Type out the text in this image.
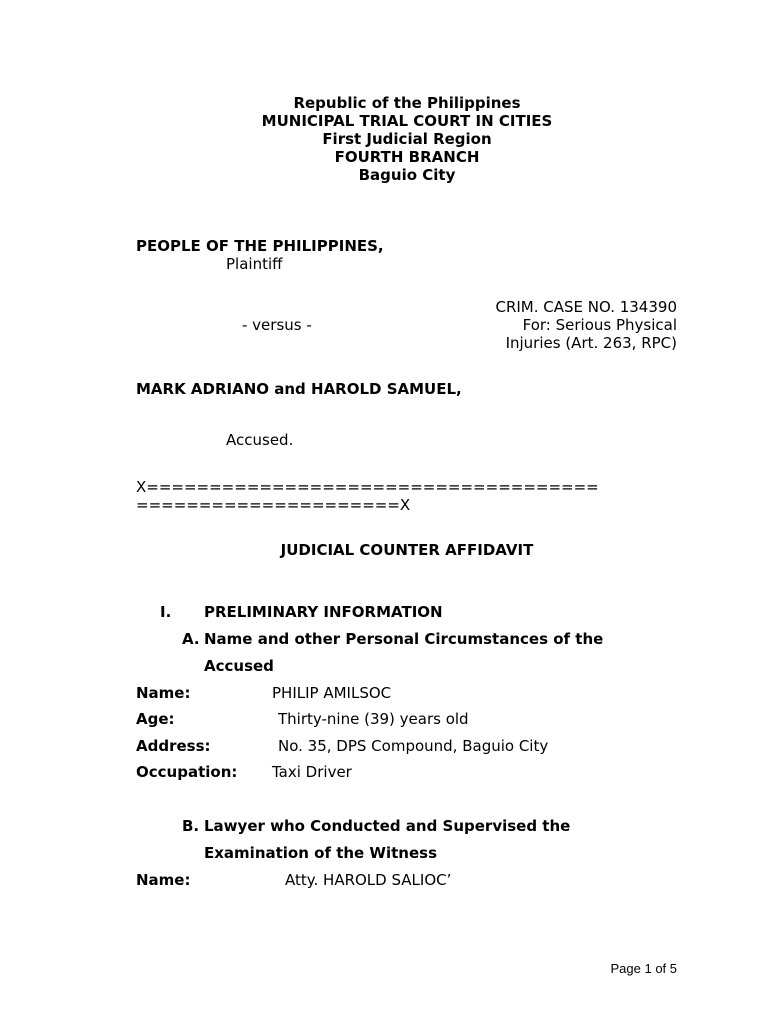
Republic of the Philippines
MUNICIPAL TRIAL COURT IN CITIES
First Judicial Region
FOURTH BRANCH
Baguio City
PEOPLE OF THE PHILIPPINES,
Plaintiff
CRIM. CASE NO. 134390
- versus -	For: Serious Physical
Injuries (Art. 263, RPC)
MARK ADRIANO and HAROLD SAMUEL,
Accused.
X====================================
=====================X
JUDICIAL COUNTER AFFIDAVIT
I. PRELIMINARY INFORMATION
A. Name and other Personal Circumstances of the
Accused
Name:	PHILIP AMILSOC
Age:	Thirty-nine (39) years old
Address:	No. 35, DPS Compound, Baguio City
Occupation: Taxi Driver
B. Lawyer who Conducted and Supervised the
Examination of the Witness
Name:	Atty. HAROLD SALIOC’
Page 1 of 5
